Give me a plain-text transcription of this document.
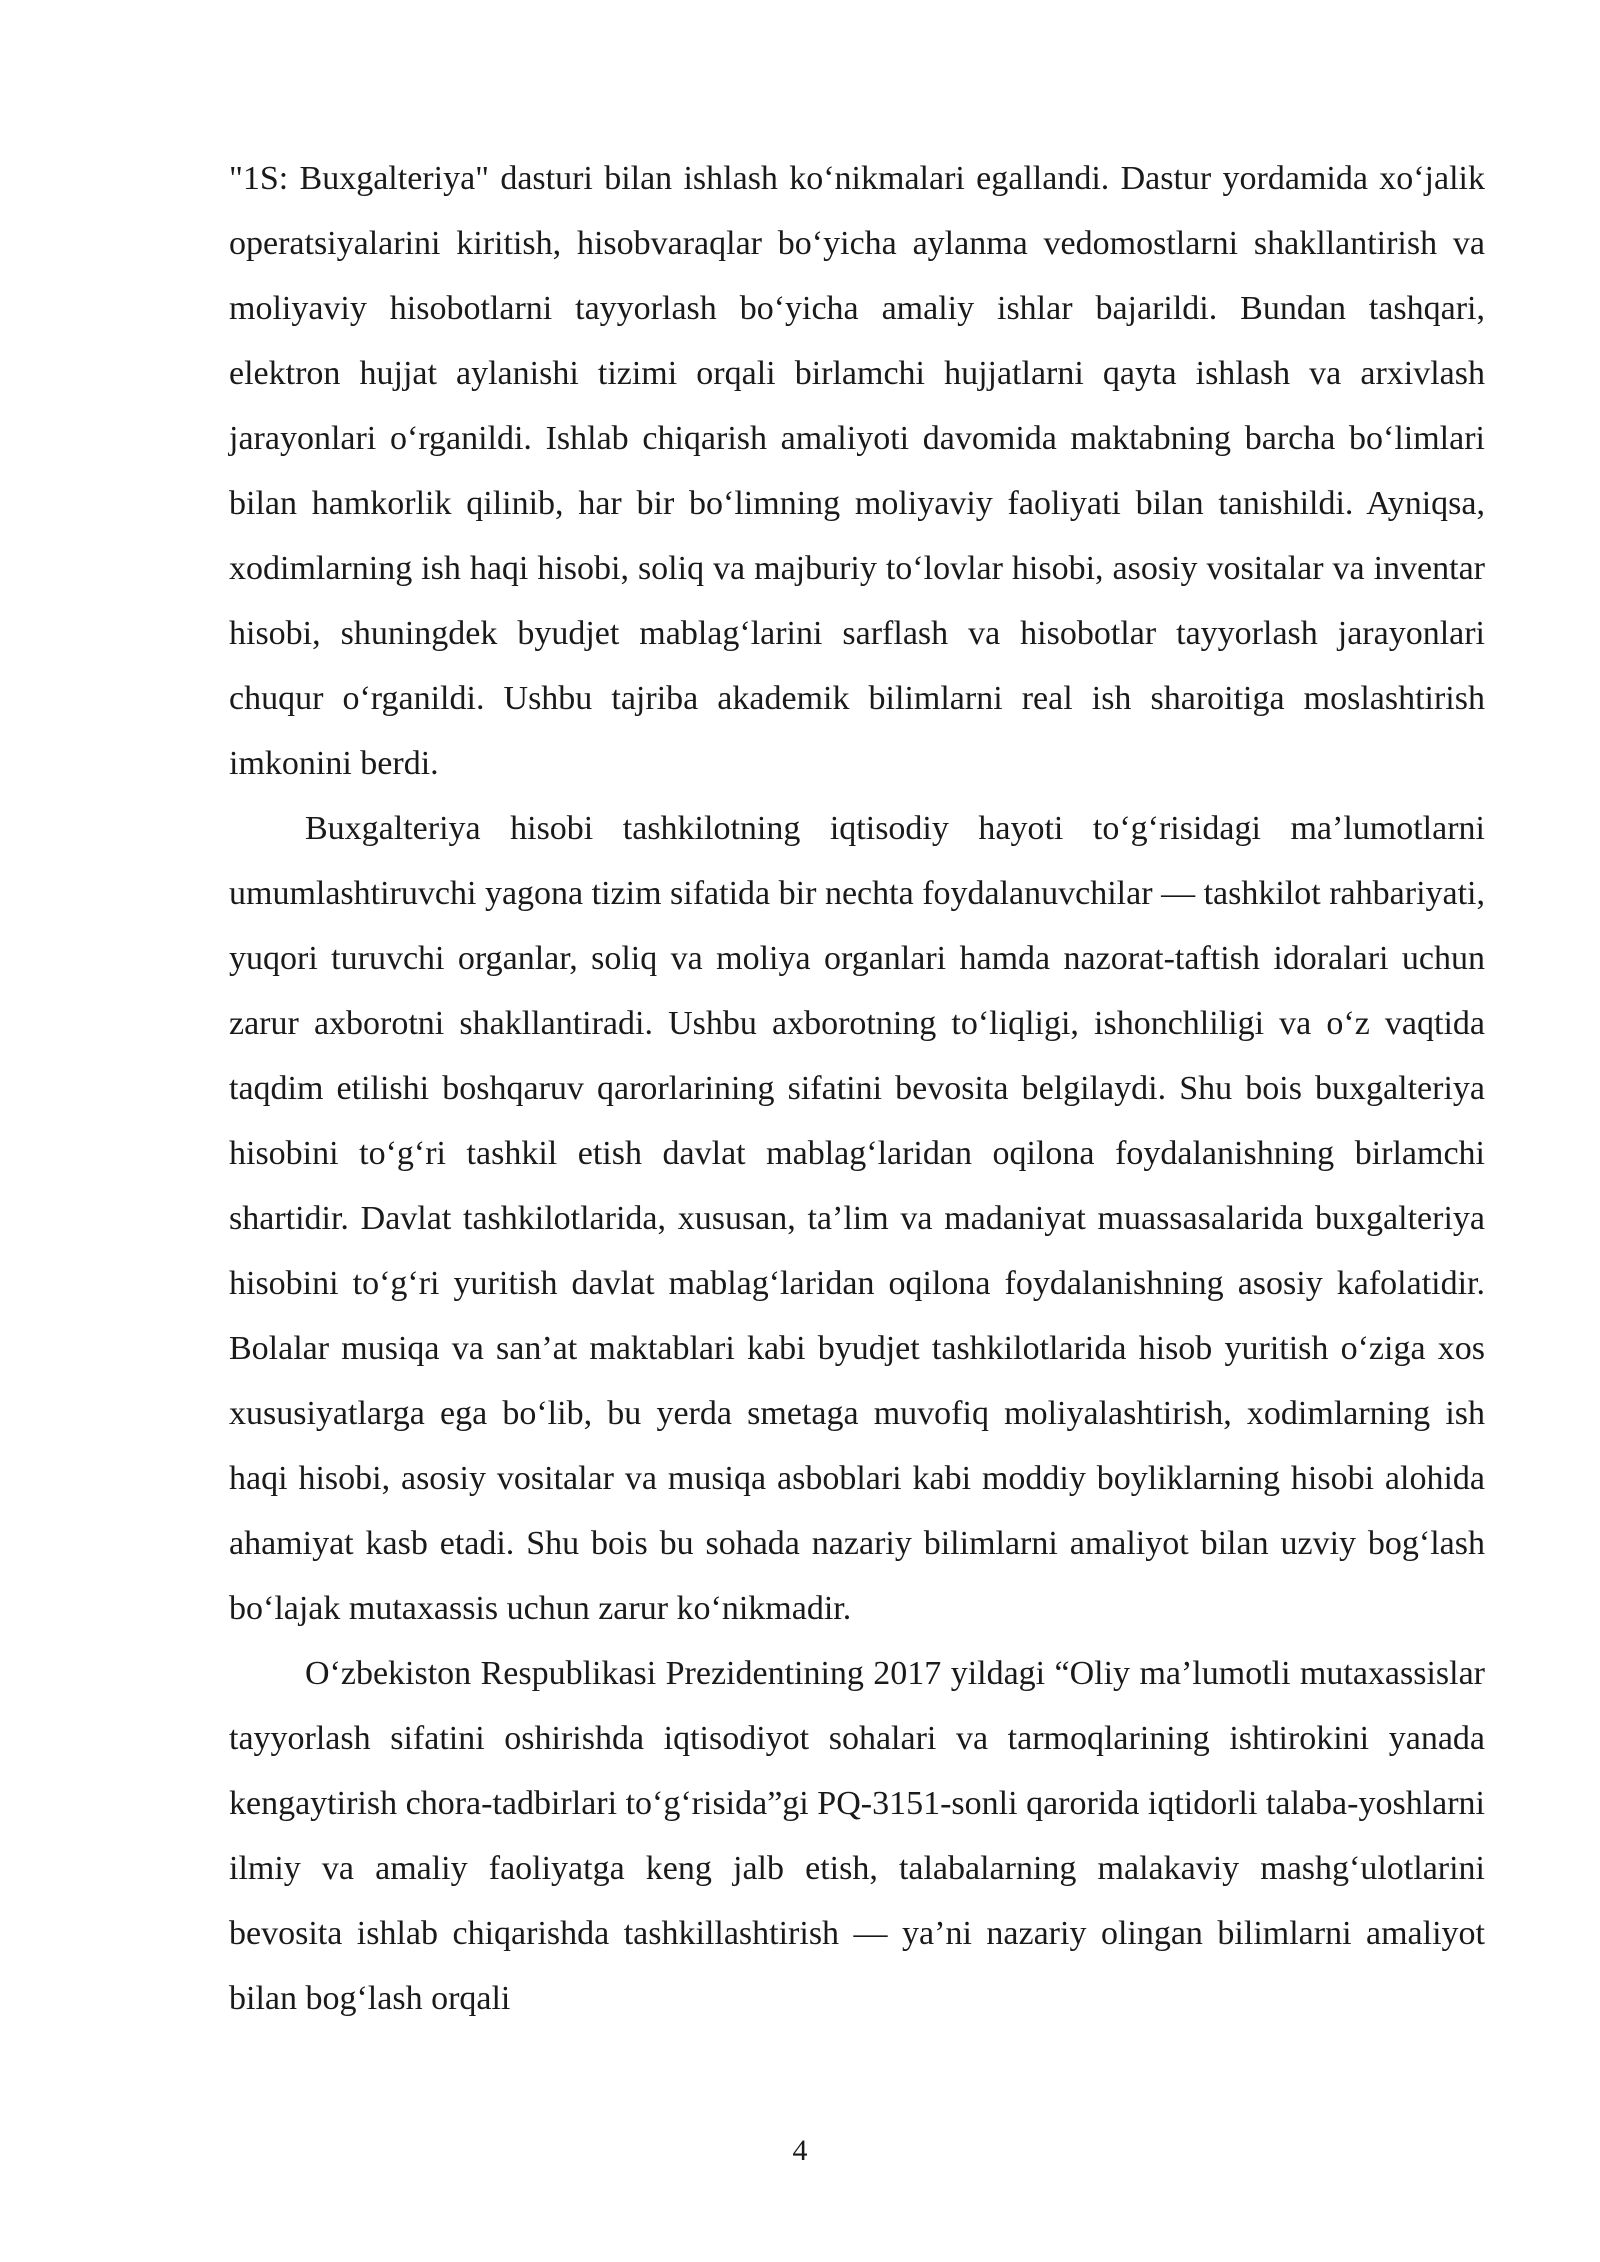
"1S: Buxgalteriya" dasturi bilan ishlash ko‘nikmalari egallandi. Dastur yordamida xo‘jalik operatsiyalarini kiritish, hisobvaraqlar bo‘yicha aylanma vedomostlarni shakllantirish va moliyaviy hisobotlarni tayyorlash bo‘yicha amaliy ishlar bajarildi. Bundan tashqari, elektron hujjat aylanishi tizimi orqali birlamchi hujjatlarni qayta ishlash va arxivlash jarayonlari o‘rganildi. Ishlab chiqarish amaliyoti davomida maktabning barcha bo‘limlari bilan hamkorlik qilinib, har bir bo‘limning moliyaviy faoliyati bilan tanishildi. Ayniqsa, xodimlarning ish haqi hisobi, soliq va majburiy to‘lovlar hisobi, asosiy vositalar va inventar hisobi, shuningdek byudjet mablag‘larini sarflash va hisobotlar tayyorlash jarayonlari chuqur o‘rganildi. Ushbu tajriba akademik bilimlarni real ish sharoitiga moslashtirish imkonini berdi.

Buxgalteriya hisobi tashkilotning iqtisodiy hayoti to‘g‘risidagi ma’lumotlarni umumlashtiruvchi yagona tizim sifatida bir nechta foydalanuvchilar — tashkilot rahbariyati, yuqori turuvchi organlar, soliq va moliya organlari hamda nazorat-taftish idoralari uchun zarur axborotni shakllantiradi. Ushbu axborotning to‘liqligi, ishonchliligi va o‘z vaqtida taqdim etilishi boshqaruv qarorlarining sifatini bevosita belgilaydi. Shu bois buxgalteriya hisobini to‘g‘ri tashkil etish davlat mablag‘laridan oqilona foydalanishning birlamchi shartidir. Davlat tashkilotlarida, xususan, ta’lim va madaniyat muassasalarida buxgalteriya hisobini to‘g‘ri yuritish davlat mablag‘laridan oqilona foydalanishning asosiy kafolatidir. Bolalar musiqa va san’at maktablari kabi byudjet tashkilotlarida hisob yuritish o‘ziga xos xususiyatlarga ega bo‘lib, bu yerda smetaga muvofiq moliyalashtirish, xodimlarning ish haqi hisobi, asosiy vositalar va musiqa asboblari kabi moddiy boyliklarning hisobi alohida ahamiyat kasb etadi. Shu bois bu sohada nazariy bilimlarni amaliyot bilan uzviy bog‘lash bo‘lajak mutaxassis uchun zarur ko‘nikmadir.

O‘zbekiston Respublikasi Prezidentining 2017 yildagi “Oliy ma’lumotli mutaxassislar tayyorlash sifatini oshirishda iqtisodiyot sohalari va tarmoqlarining ishtirokini yanada kengaytirish chora-tadbirlari to‘g‘risida”gi PQ-3151-sonli qarorida iqtidorli talaba-yoshlarni ilmiy va amaliy faoliyatga keng jalb etish, talabalarning malakaviy mashg‘ulotlarini bevosita ishlab chiqarishda tashkillashtirish — ya’ni nazariy olingan bilimlarni amaliyot bilan bog‘lash orqali

4
